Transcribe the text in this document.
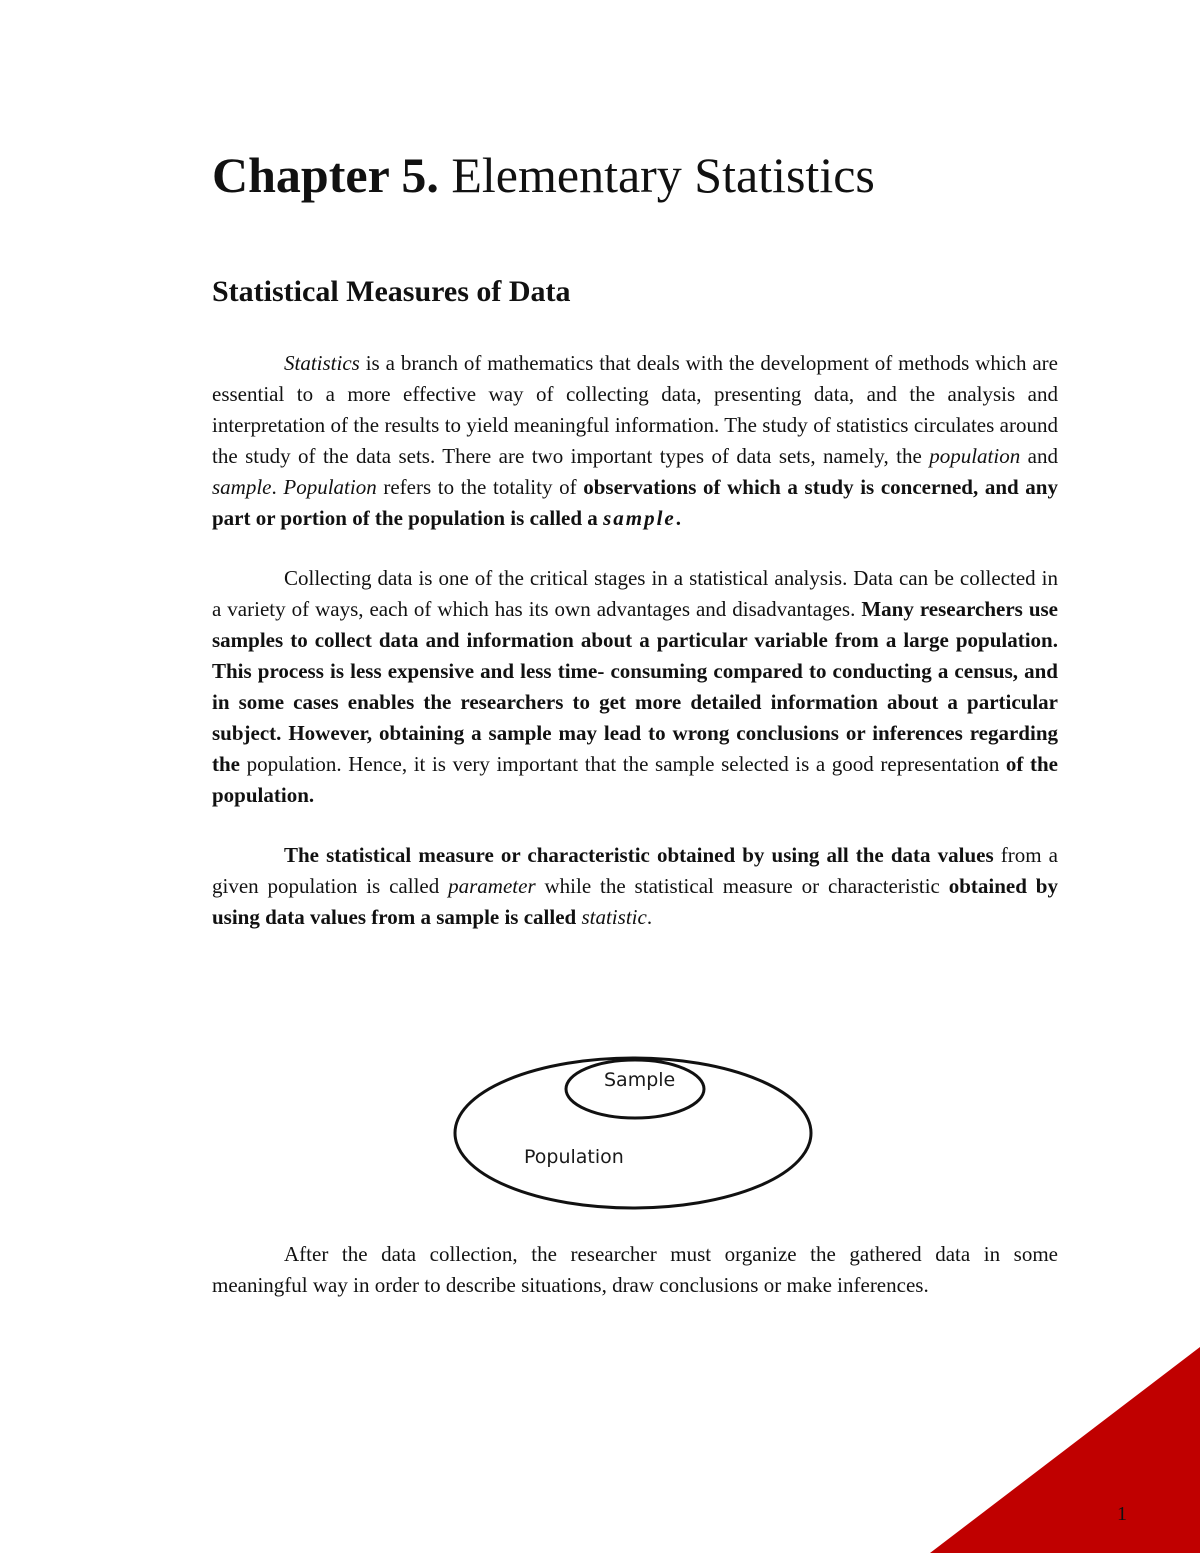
Chapter 5. Elementary Statistics
Statistical Measures of Data

Statistics is a branch of mathematics that deals with the development of methods which are essential to a more effective way of collecting data, presenting data, and the analysis and interpretation of the results to yield meaningful information. The study of statistics circulates around the study of the data sets. There are two important types of data sets, namely, the population and sample. Population refers to the totality of observations of which a study is concerned, and any part or portion of the population is called a sample.

Collecting data is one of the critical stages in a statistical analysis. Data can be collected in a variety of ways, each of which has its own advantages and disadvantages. Many researchers use samples to collect data and information about a particular variable from a large population. This process is less expensive and less time- consuming compared to conducting a census, and in some cases enables the researchers to get more detailed information about a particular subject. However, obtaining a sample may lead to wrong conclusions or inferences regarding the population. Hence, it is very important that the sample selected is a good representation of the population.

The statistical measure or characteristic obtained by using all the data values from a given population is called parameter while the statistical measure or characteristic obtained by using data values from a sample is called statistic.

Sample
Population

After the data collection, the researcher must organize the gathered data in some meaningful way in order to describe situations, draw conclusions or make inferences.

1
